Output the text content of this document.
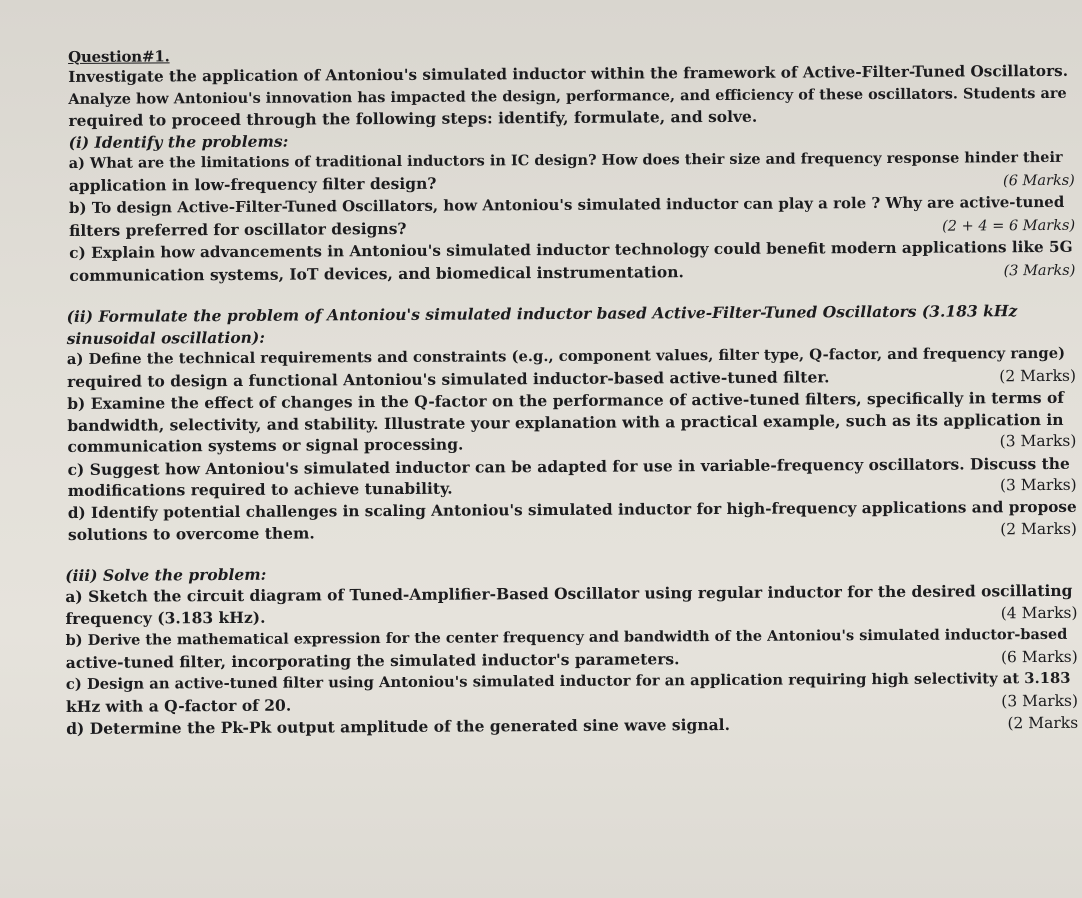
Question#1.
Investigate the application of Antoniou's simulated inductor within the framework of Active-Filter-Tuned Oscillators.
Analyze how Antoniou's innovation has impacted the design, performance, and efficiency of these oscillators. Students are
required to proceed through the following steps: identify, formulate, and solve.
(i) Identify the problems:
a) What are the limitations of traditional inductors in IC design? How does their size and frequency response hinder their
application in low-frequency filter design?	(6 Marks)
b) To design Active-Filter-Tuned Oscillators, how Antoniou's simulated inductor can play a role ? Why are active-tuned
filters preferred for oscillator designs?	(2 + 4 = 6 Marks)
c) Explain how advancements in Antoniou's simulated inductor technology could benefit modern applications like 5G
communication systems, IoT devices, and biomedical instrumentation.	(3 Marks)
(ii) Formulate the problem of Antoniou's simulated inductor based Active-Filter-Tuned Oscillators (3.183 kHz
sinusoidal oscillation):
a) Define the technical requirements and constraints (e.g., component values, filter type, Q-factor, and frequency range)
required to design a functional Antoniou's simulated inductor-based active-tuned filter.	(2 Marks)
b) Examine the effect of changes in the Q-factor on the performance of active-tuned filters, specifically in terms of
bandwidth, selectivity, and stability. Illustrate your explanation with a practical example, such as its application in
communication systems or signal processing.	(3 Marks)
c) Suggest how Antoniou's simulated inductor can be adapted for use in variable-frequency oscillators. Discuss the
modifications required to achieve tunability.	(3 Marks)
d) Identify potential challenges in scaling Antoniou's simulated inductor for high-frequency applications and propose
solutions to overcome them.	(2 Marks)
(iii) Solve the problem:
a) Sketch the circuit diagram of Tuned-Amplifier-Based Oscillator using regular inductor for the desired oscillating
frequency (3.183 kHz).	(4 Marks)
b) Derive the mathematical expression for the center frequency and bandwidth of the Antoniou's simulated inductor-based
active-tuned filter, incorporating the simulated inductor's parameters.	(6 Marks)
c) Design an active-tuned filter using Antoniou's simulated inductor for an application requiring high selectivity at 3.183
kHz with a Q-factor of 20.	(3 Marks)
d) Determine the Pk-Pk output amplitude of the generated sine wave signal.	(2 Marks
